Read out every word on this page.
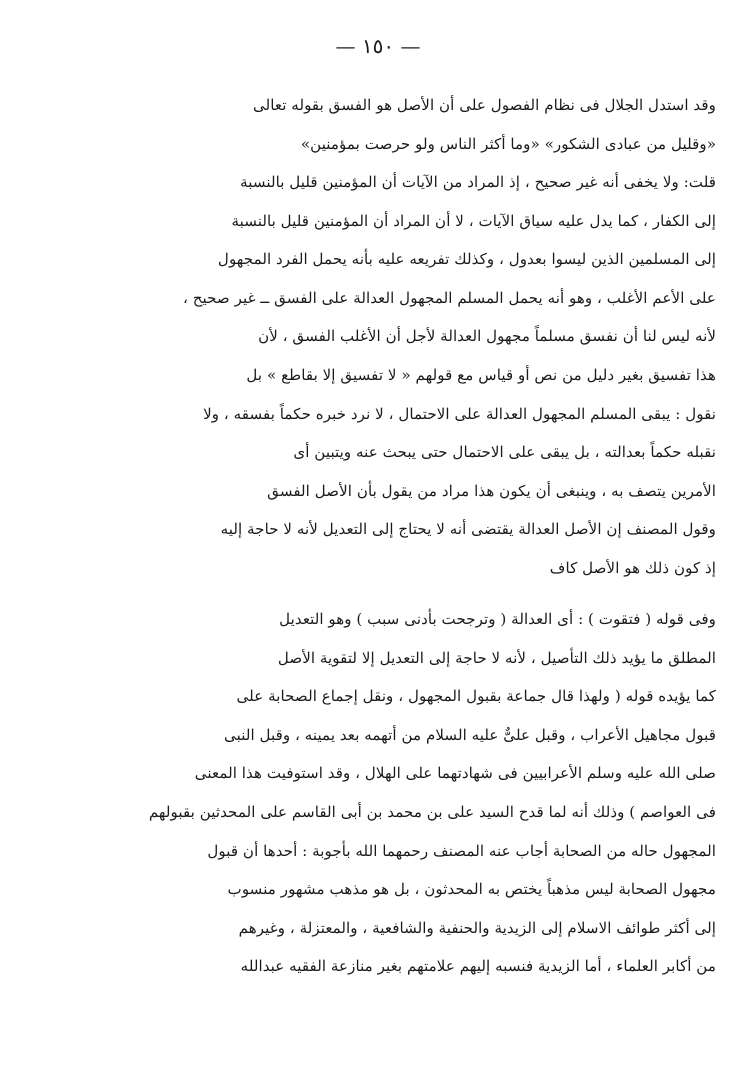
— ١٥٠ —
وقد استدل الجلال فى نظام الفصول على أن الأصل هو الفسق بقوله تعالى
«وقليل من عبادى الشكور» «وما أكثر الناس ولو حرصت بمؤمنين»
قلت: ولا يخفى أنه غير صحيح ، إذ المراد من الآيات أن المؤمنين قليل بالنسبة
إلى الكفار ، كما يدل عليه سياق الآيات ، لا أن المراد أن المؤمنين قليل بالنسبة
إلى المسلمين الذين ليسوا بعدول ، وكذلك تفريعه عليه بأنه يحمل الفرد المجهول
على الأعم الأغلب ، وهو أنه يحمل المسلم المجهول العدالة على الفسق ــ غير صحيح ،
لأنه ليس لنا أن نفسق مسلماً مجهول العدالة لأجل أن الأغلب الفسق ، لأن
هذا تفسيق بغير دليل من نص أو قياس مع قولهم « لا تفسيق إلا بقاطع » بل
نقول : يبقى المسلم المجهول العدالة على الاحتمال ، لا نرد خبره حكماً بفسقه ، ولا
نقبله حكماً بعدالته ، بل يبقى على الاحتمال حتى يبحث عنه ويتبين أى
الأمرين يتصف به ، وينبغى أن يكون هذا مراد من يقول بأن الأصل الفسق
وقول المصنف إن الأصل العدالة يقتضى أنه لا يحتاج إلى التعديل لأنه لا حاجة إليه
إذ كون ذلك هو الأصل كاف
وفى قوله ( فتقوت ) : أى العدالة ( وترجحت بأدنى سبب ) وهو التعديل
المطلق ما يؤيد ذلك التأصيل ، لأنه لا حاجة إلى التعديل إلا لتقوية الأصل
كما يؤيده قوله ( ولهذا قال جماعة بقبول المجهول ، ونقل إجماع الصحابة على
قبول مجاهيل الأعراب ، وقبل علىٌّ عليه السلام من أتهمه بعد يمينه ، وقبل النبى
صلى الله عليه وسلم الأعرابيين فى شهادتهما على الهلال ، وقد استوفيت هذا المعنى
فى العواصم ) وذلك أنه لما قدح السيد على بن محمد بن أبى القاسم على المحدثين بقبولهم
المجهول حاله من الصحابة أجاب عنه المصنف رحمهما الله بأجوبة : أحدها أن قبول
مجهول الصحابة ليس مذهباً يختص به المحدثون ، بل هو مذهب مشهور منسوب
إلى أكثر طوائف الاسلام إلى الزيدية والحنفية والشافعية ، والمعتزلة ، وغيرهم
من أكابر العلماء ، أما الزيدية فنسبه إليهم علامتهم بغير منازعة الفقيه عبدالله
